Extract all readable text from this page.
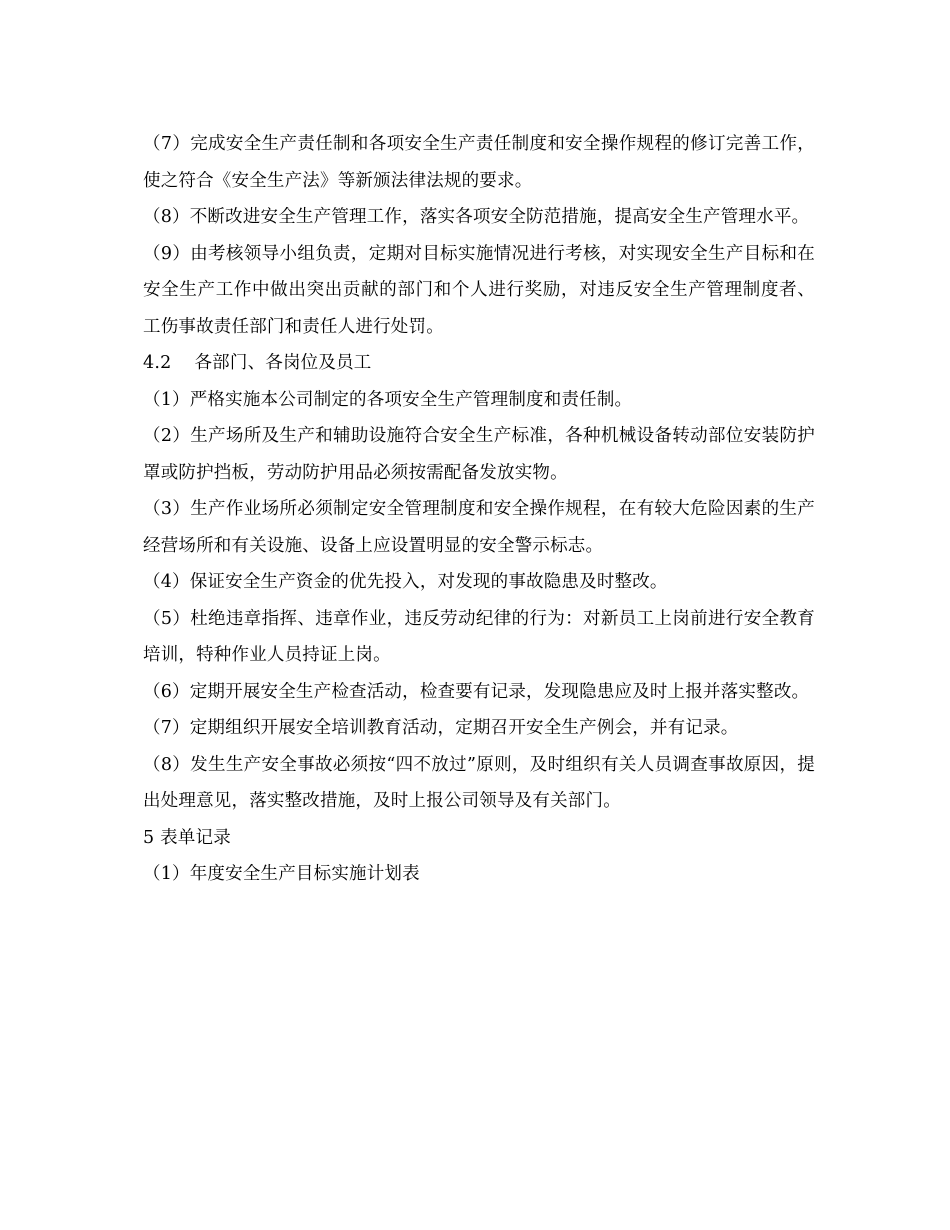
（7）完成安全生产责任制和各项安全生产责任制度和安全操作规程的修订完善工作，使之符合《安全生产法》等新颁法律法规的要求。

（8）不断改进安全生产管理工作，落实各项安全防范措施，提高安全生产管理水平。

（9）由考核领导小组负责，定期对目标实施情况进行考核，对实现安全生产目标和在安全生产工作中做出突出贡献的部门和个人进行奖励，对违反安全生产管理制度者、工伤事故责任部门和责任人进行处罚。

4.2    各部门、各岗位及员工

（1）严格实施本公司制定的各项安全生产管理制度和责任制。

（2）生产场所及生产和辅助设施符合安全生产标准，各种机械设备转动部位安装防护罩或防护挡板，劳动防护用品必须按需配备发放实物。

（3）生产作业场所必须制定安全管理制度和安全操作规程，在有较大危险因素的生产经营场所和有关设施、设备上应设置明显的安全警示标志。

（4）保证安全生产资金的优先投入，对发现的事故隐患及时整改。

（5）杜绝违章指挥、违章作业，违反劳动纪律的行为：对新员工上岗前进行安全教育培训，特种作业人员持证上岗。

（6）定期开展安全生产检查活动，检查要有记录，发现隐患应及时上报并落实整改。

（7）定期组织开展安全培训教育活动，定期召开安全生产例会，并有记录。

（8）发生生产安全事故必须按“四不放过”原则，及时组织有关人员调查事故原因，提出处理意见，落实整改措施，及时上报公司领导及有关部门。

5 表单记录

（1）年度安全生产目标实施计划表
